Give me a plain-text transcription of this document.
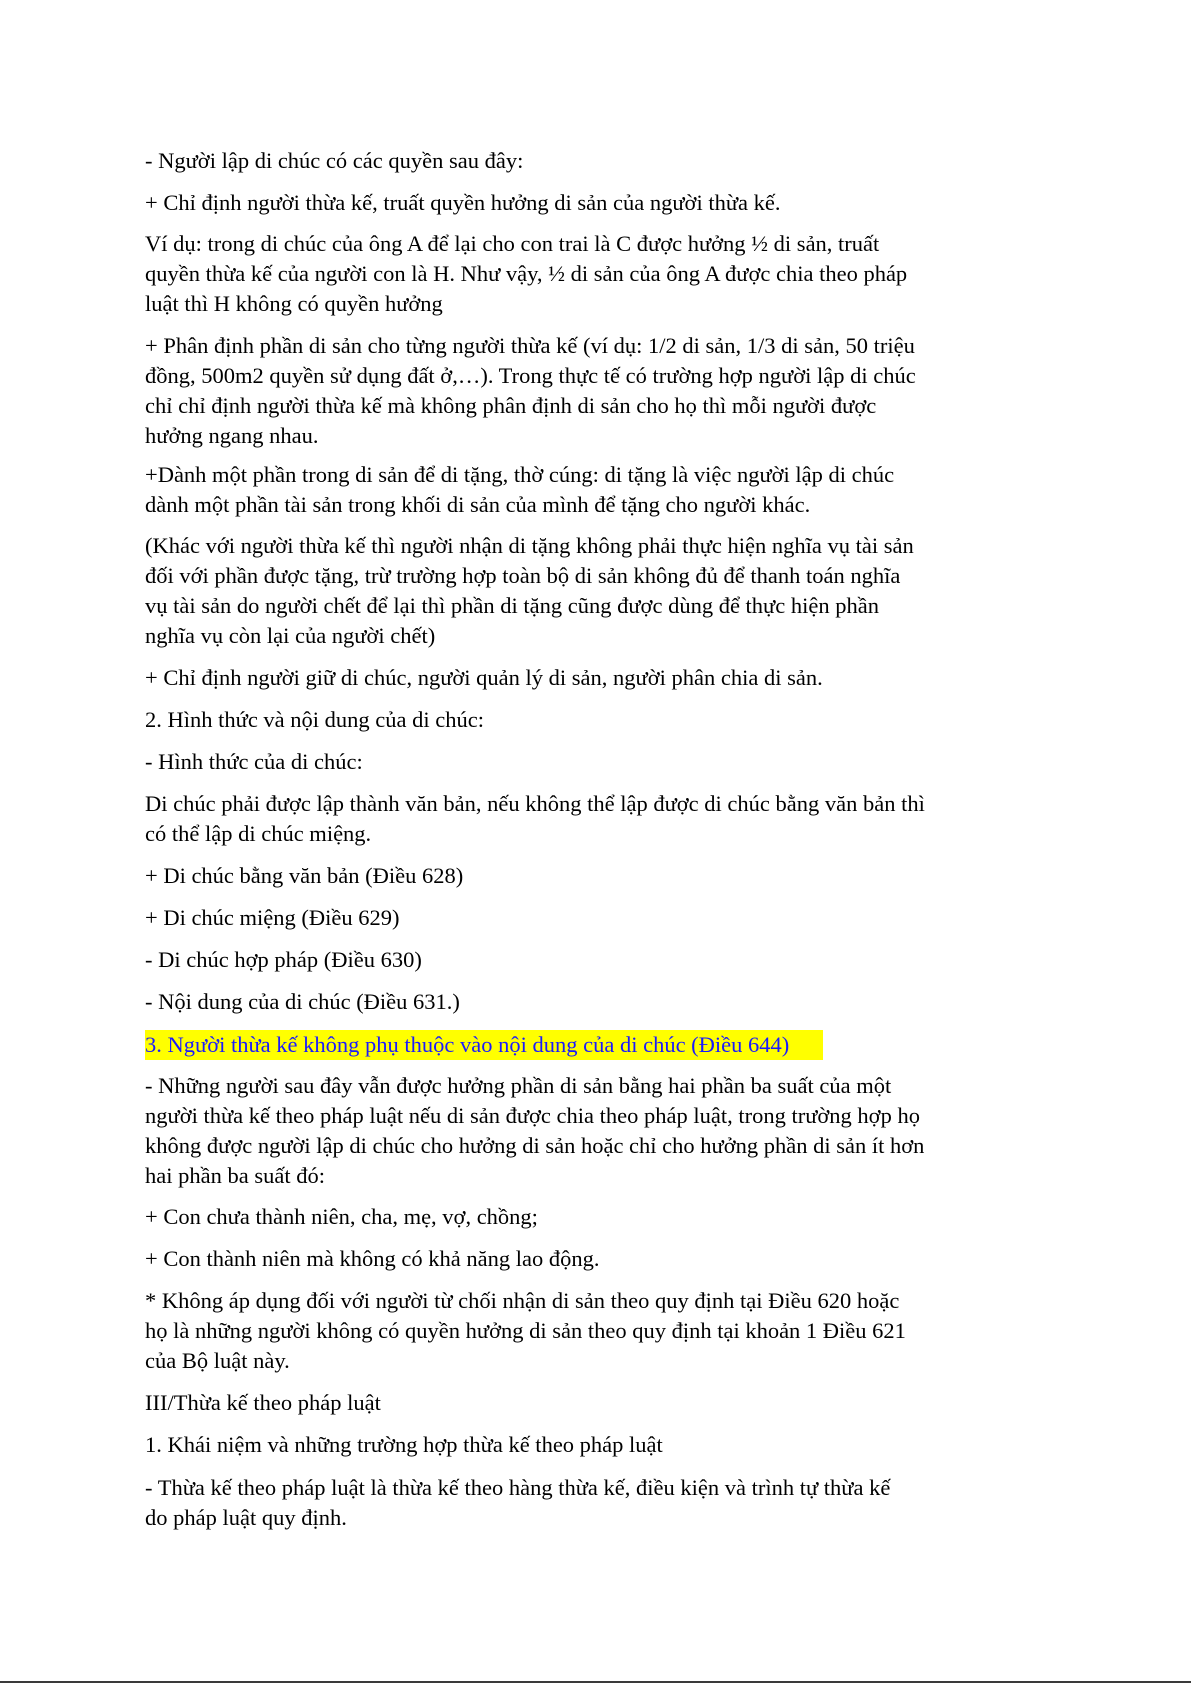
- Người lập di chúc có các quyền sau đây:

+ Chỉ định người thừa kế, truất quyền hưởng di sản của người thừa kế.

Ví dụ: trong di chúc của ông A để lại cho con trai là C được hưởng ½ di sản, truất
quyền thừa kế của người con là H. Như vậy, ½ di sản của ông A được chia theo pháp
luật thì H không có quyền hưởng

+ Phân định phần di sản cho từng người thừa kế (ví dụ: 1/2 di sản, 1/3 di sản, 50 triệu
đồng, 500m2 quyền sử dụng đất ở,…). Trong thực tế có trường hợp người lập di chúc
chỉ chỉ định người thừa kế mà không phân định di sản cho họ thì mỗi người được
hưởng ngang nhau.

+Dành một phần trong di sản để di tặng, thờ cúng: di tặng là việc người lập di chúc
dành một phần tài sản trong khối di sản của mình để tặng cho người khác.

(Khác với người thừa kế thì người nhận di tặng không phải thực hiện nghĩa vụ tài sản
đối với phần được tặng, trừ trường hợp toàn bộ di sản không đủ để thanh toán nghĩa
vụ tài sản do người chết để lại thì phần di tặng cũng được dùng để thực hiện phần
nghĩa vụ còn lại của người chết)

+ Chỉ định người giữ di chúc, người quản lý di sản, người phân chia di sản.

2. Hình thức và nội dung của di chúc:

- Hình thức của di chúc:

Di chúc phải được lập thành văn bản, nếu không thể lập được di chúc bằng văn bản thì
có thể lập di chúc miệng.

+ Di chúc bằng văn bản (Điều 628)

+ Di chúc miệng (Điều 629)

- Di chúc hợp pháp (Điều 630)

- Nội dung của di chúc (Điều 631.)

3. Người thừa kế không phụ thuộc vào nội dung của di chúc (Điều 644)

- Những người sau đây vẫn được hưởng phần di sản bằng hai phần ba suất của một
người thừa kế theo pháp luật nếu di sản được chia theo pháp luật, trong trường hợp họ
không được người lập di chúc cho hưởng di sản hoặc chỉ cho hưởng phần di sản ít hơn
hai phần ba suất đó:

+ Con chưa thành niên, cha, mẹ, vợ, chồng;

+ Con thành niên mà không có khả năng lao động.

* Không áp dụng đối với người từ chối nhận di sản theo quy định tại Điều 620 hoặc
họ là những người không có quyền hưởng di sản theo quy định tại khoản 1 Điều 621
của Bộ luật này.

III/Thừa kế theo pháp luật

1. Khái niệm và những trường hợp thừa kế theo pháp luật

- Thừa kế theo pháp luật là thừa kế theo hàng thừa kế, điều kiện và trình tự thừa kế
do pháp luật quy định.
